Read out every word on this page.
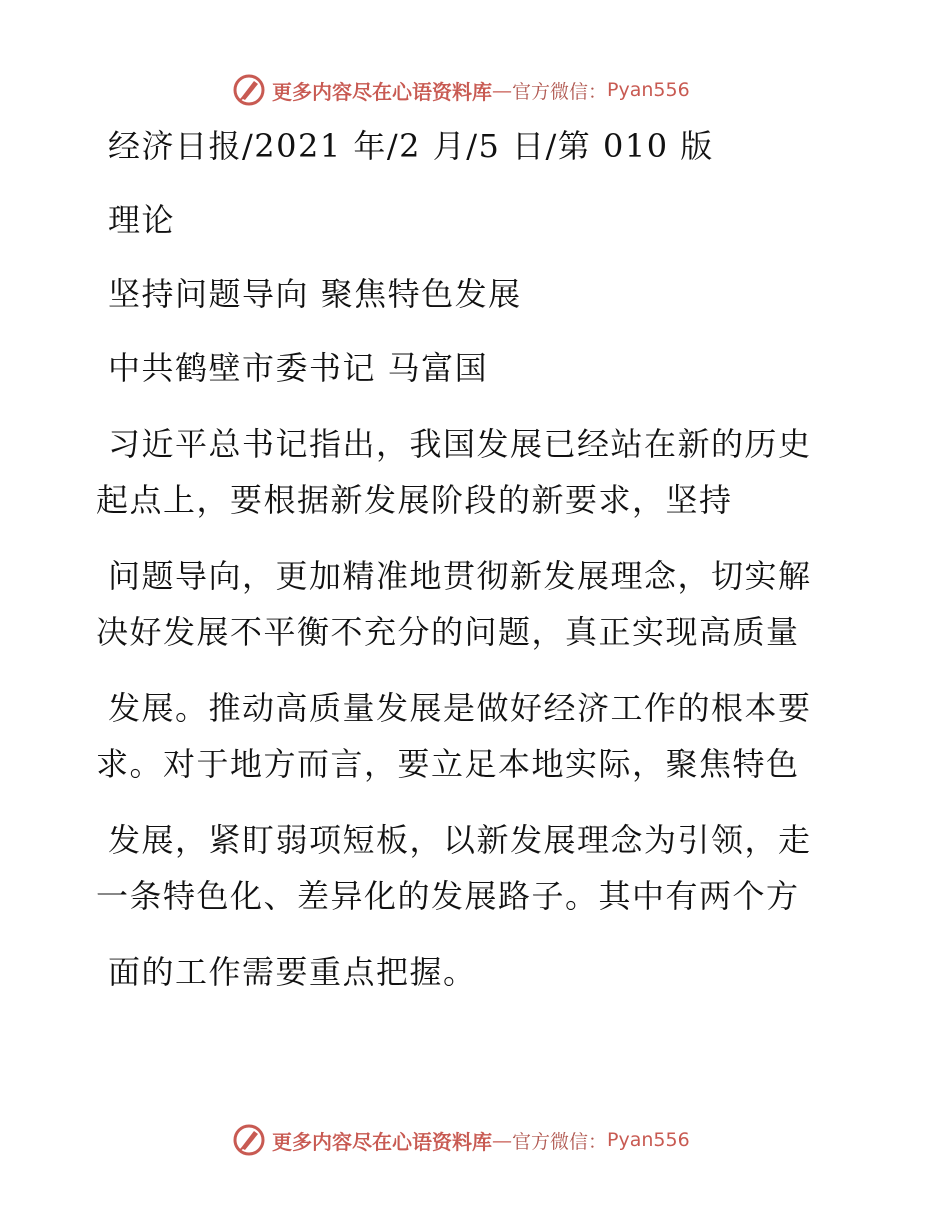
更多内容尽在心语资料库 — 官方微信： Pyan556
经济日报/2021 年/2 月/5 日/第 010 版
理论
坚持问题导向 聚焦特色发展
中共鹤壁市委书记 马富国
习近平总书记指出，我国发展已经站在新的历史
起点上，要根据新发展阶段的新要求，坚持
问题导向，更加精准地贯彻新发展理念，切实解
决好发展不平衡不充分的问题，真正实现高质量
发展。推动高质量发展是做好经济工作的根本要
求。对于地方而言，要立足本地实际，聚焦特色
发展，紧盯弱项短板，以新发展理念为引领，走
一条特色化、差异化的发展路子。其中有两个方
面的工作需要重点把握。
更多内容尽在心语资料库 — 官方微信： Pyan556
